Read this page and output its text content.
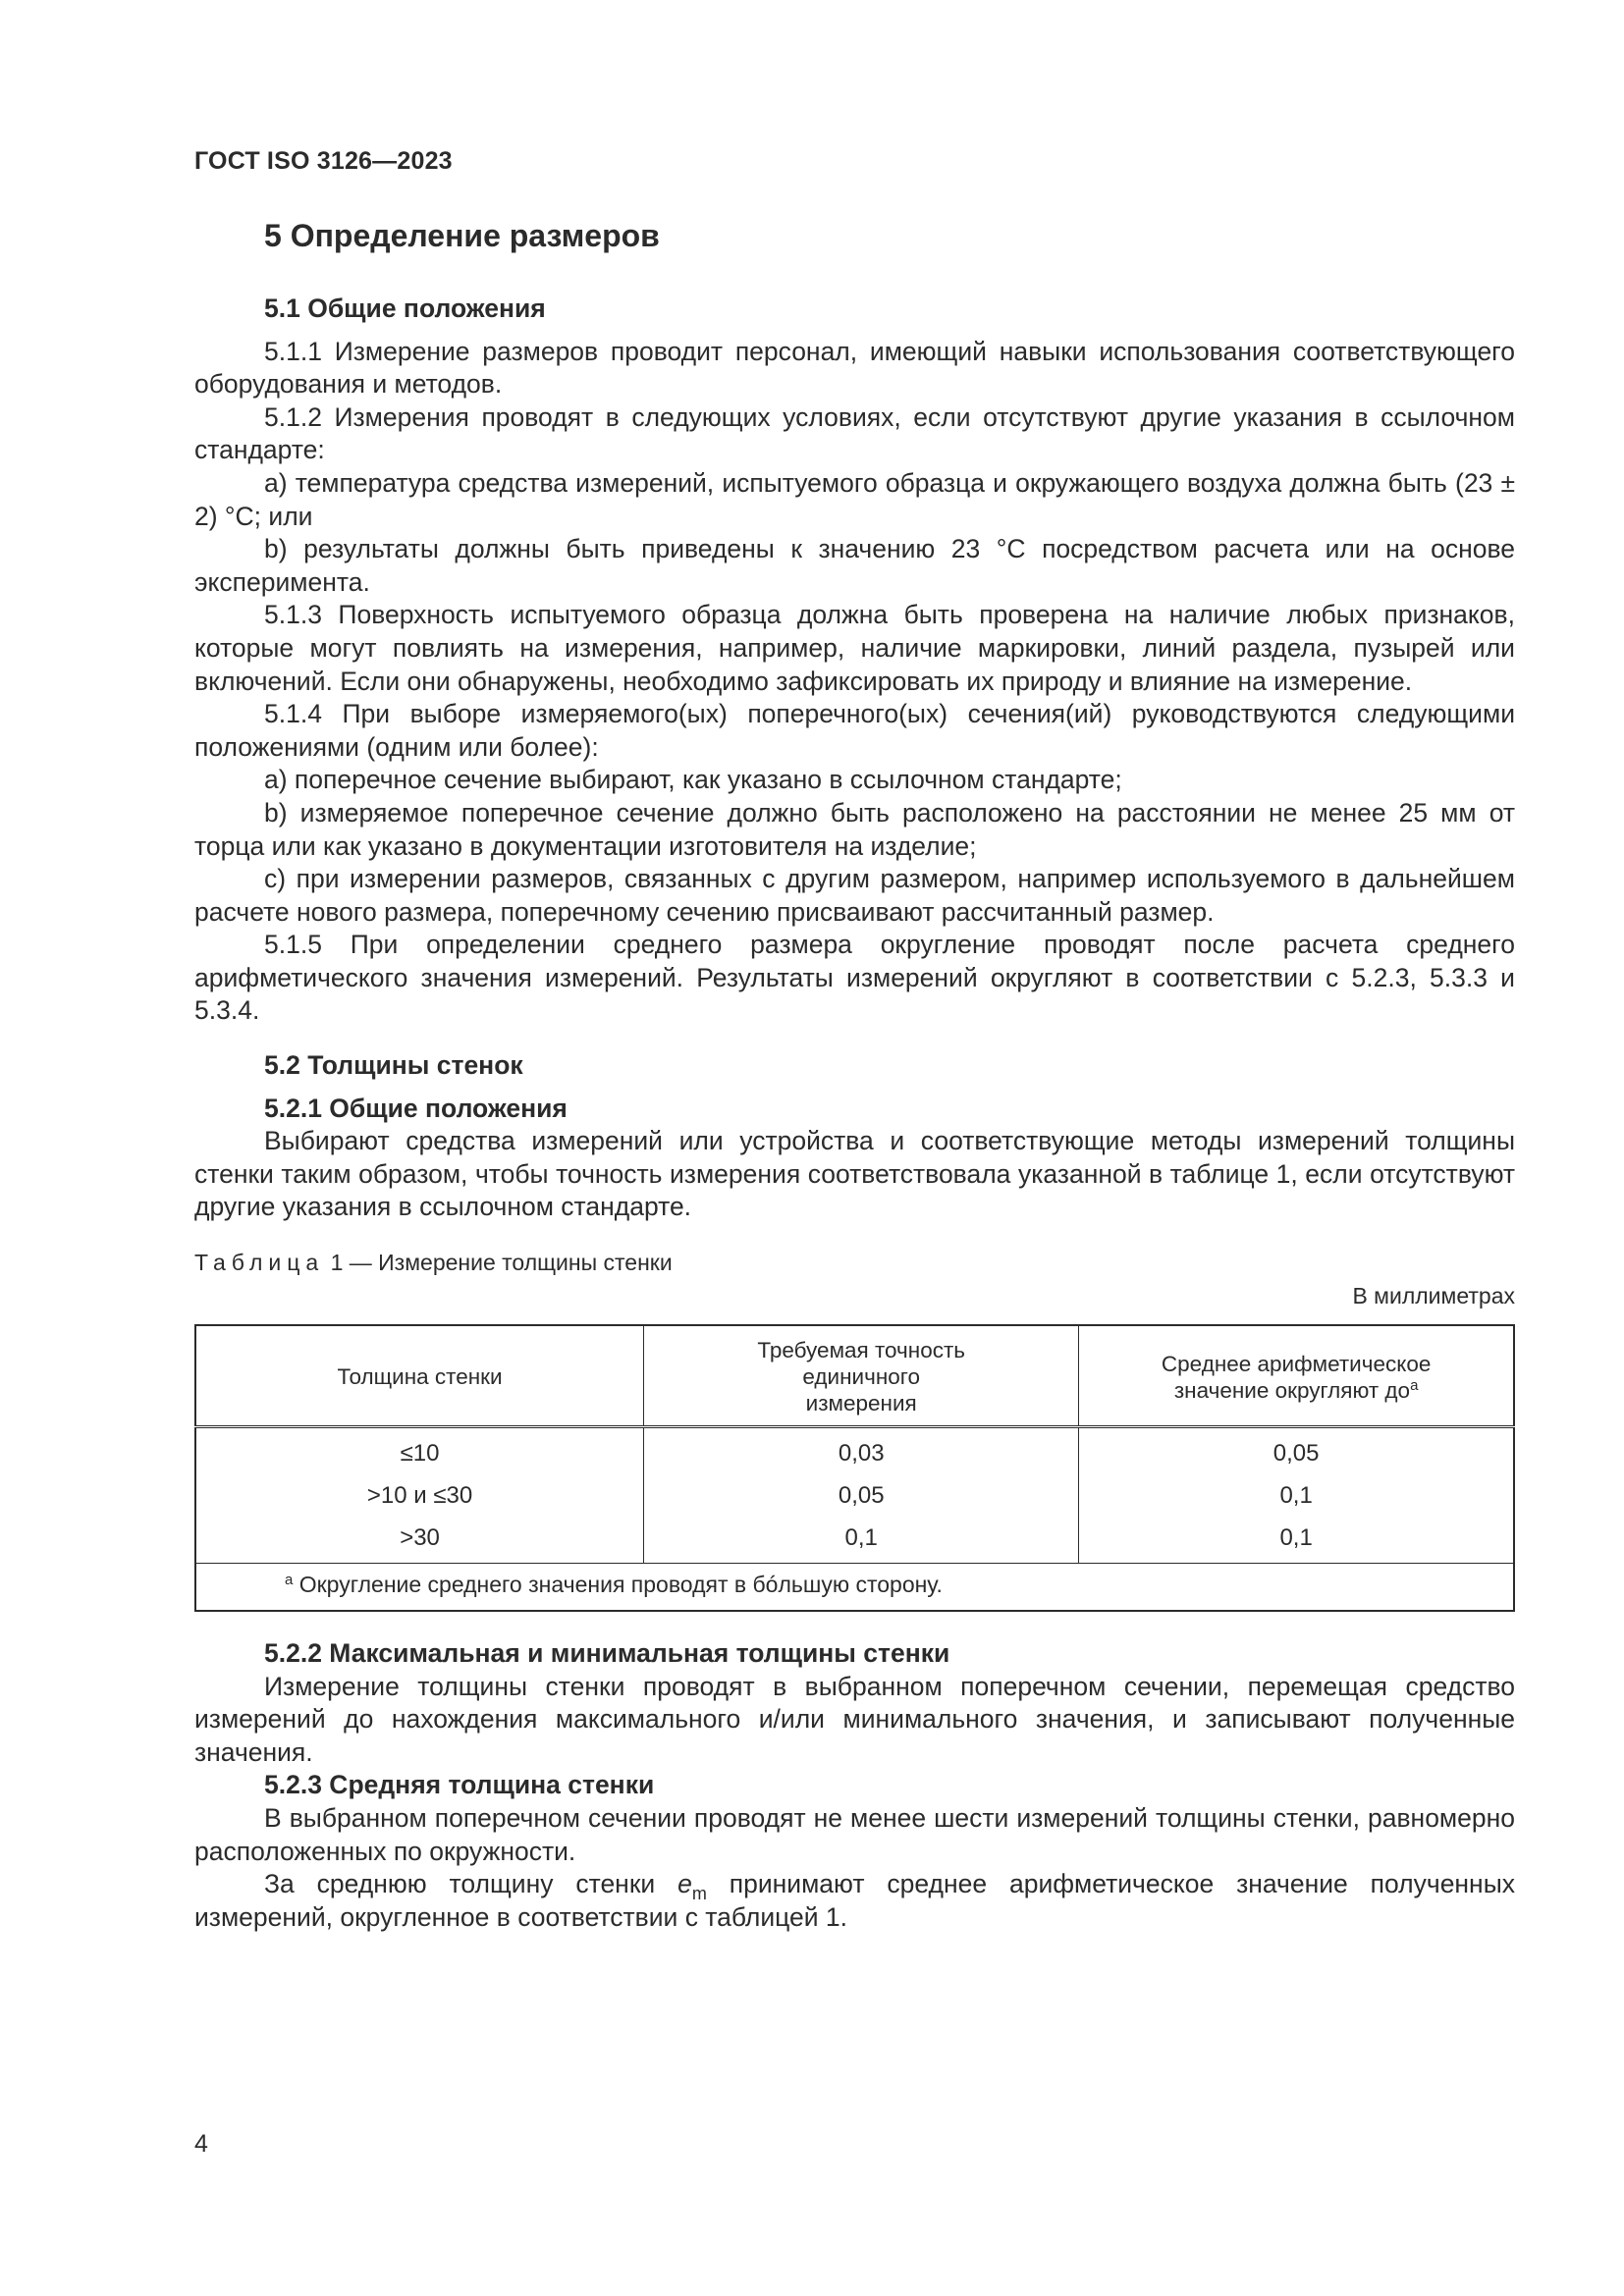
ГОСТ ISO 3126—2023
5 Определение размеров
5.1 Общие положения

5.1.1 Измерение размеров проводит персонал, имеющий навыки использования соответствующего оборудования и методов.

5.1.2 Измерения проводят в следующих условиях, если отсутствуют другие указания в ссылочном стандарте:

a) температура средства измерений, испытуемого образца и окружающего воздуха должна быть (23 ± 2) °С; или

b) результаты должны быть приведены к значению 23 °С посредством расчета или на основе эксперимента.

5.1.3 Поверхность испытуемого образца должна быть проверена на наличие любых признаков, которые могут повлиять на измерения, например, наличие маркировки, линий раздела, пузырей или включений. Если они обнаружены, необходимо зафиксировать их природу и влияние на измерение.

5.1.4 При выборе измеряемого(ых) поперечного(ых) сечения(ий) руководствуются следующими положениями (одним или более):

a) поперечное сечение выбирают, как указано в ссылочном стандарте;

b) измеряемое поперечное сечение должно быть расположено на расстоянии не менее 25 мм от торца или как указано в документации изготовителя на изделие;

c) при измерении размеров, связанных с другим размером, например используемого в дальнейшем расчете нового размера, поперечному сечению присваивают рассчитанный размер.

5.1.5 При определении среднего размера округление проводят после расчета среднего арифметического значения измерений. Результаты измерений округляют в соответствии с 5.2.3, 5.3.3 и 5.3.4.

5.2 Толщины стенок
5.2.1 Общие положения

Выбирают средства измерений или устройства и соответствующие методы измерений толщины стенки таким образом, чтобы точность измерения соответствовала указанной в таблице 1, если отсутствуют другие указания в ссылочном стандарте.

Таблица 1 — Измерение толщины стенки
В миллиметрах
Толщина стенки	Требуемая точность единичного измерения	Среднее арифметическое значение округляют $до^a$

≤10	0,03	0,05
>10 и ≤30	0,05	0,1
>30	0,1	0,1
$^a$ Округление среднего значения проводят в бóльшую сторону.		
5.2.2 Максимальная и минимальная толщины стенки

Измерение толщины стенки проводят в выбранном поперечном сечении, перемещая средство измерений до нахождения максимального и/или минимального значения, и записывают полученные значения.

5.2.3 Средняя толщина стенки

В выбранном поперечном сечении проводят не менее шести измерений толщины стенки, равномерно расположенных по окружности.

За среднюю толщину стенки $e_m$ принимают среднее арифметическое значение полученных измерений, округленное в соответствии с таблицей 1.

4
